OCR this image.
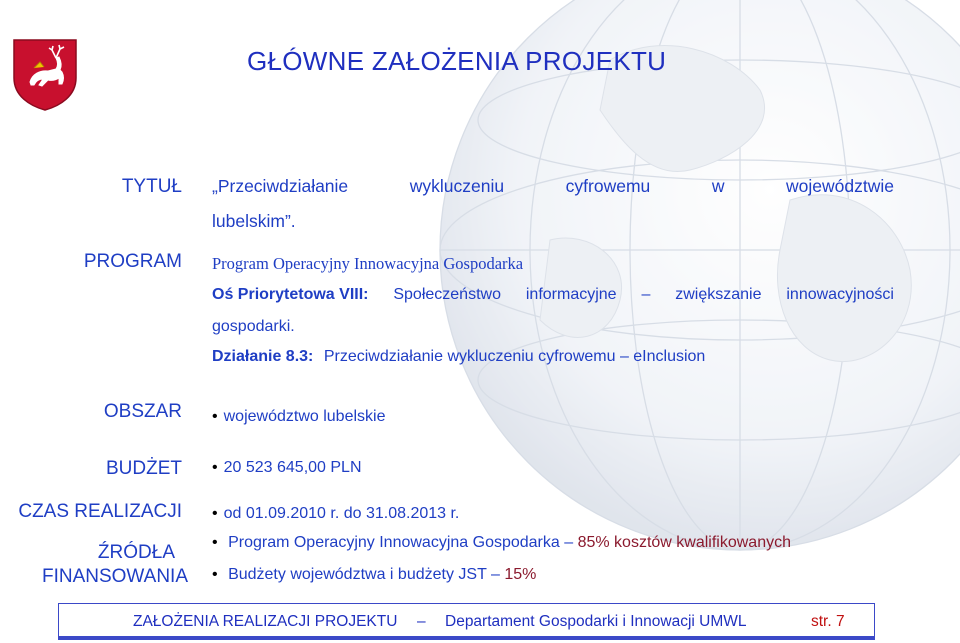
GŁÓWNE ZAŁOŻENIA PROJEKTU
TYTUŁ „Przeciwdziałanie	wykluczeniu	cyfrowemu	w	województwie
lubelskim”.
PROGRAM Program Operacyjny Innowacyjna Gospodarka
Oś Priorytetowa VIII: Społeczeństwo informacyjne – zwiększanie innowacyjności
gospodarki.
Działanie 8.3: Przeciwdziałanie wykluczeniu cyfrowemu – eInclusion
OBSZAR	• województwo lubelskie
BUDŻET	• 20 523 645,00 PLN
CZAS REALIZACJI	• od 01.09.2010 r. do 31.08.2013 r.
ŹRÓDŁA
FINANSOWANIA
• Program Operacyjny Innowacyjna Gospodarka – 85% kosztów kwalifikowanych
• Budżety województwa i budżety JST – 15%
ZAŁOŻENIA REALIZACJI PROJEKTU – Departament Gospodarki i Innowacji UMWL	str. 7
